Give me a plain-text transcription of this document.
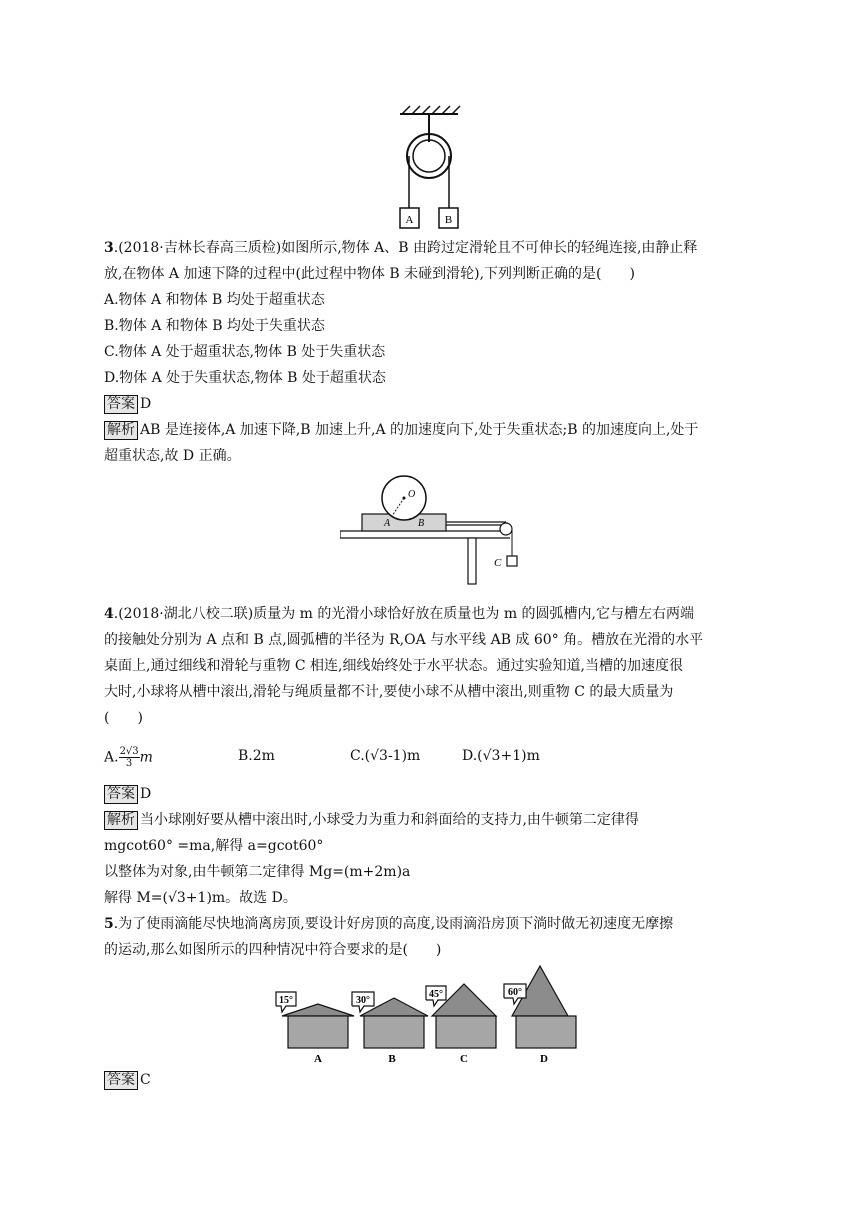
A	B
3.(2018·吉林长春高三质检)如图所示,物体 A、B 由跨过定滑轮且不可伸长的轻绳连接,由静止释
放,在物体 A 加速下降的过程中(此过程中物体 B 未碰到滑轮),下列判断正确的是(　　)
A.物体 A 和物体 B 均处于超重状态
B.物体 A 和物体 B 均处于失重状态
C.物体 A 处于超重状态,物体 B 处于失重状态
D.物体 A 处于失重状态,物体 B 处于超重状态
答案 D
解析 AB 是连接体,A 加速下降,B 加速上升,A 的加速度向下,处于失重状态;B 的加速度向上,处于
超重状态,故 D 正确。
O
A	B
C
4.(2018·湖北八校二联)质量为 m 的光滑小球恰好放在质量也为 m 的圆弧槽内,它与槽左右两端
的接触处分别为 A 点和 B 点,圆弧槽的半径为 R,OA 与水平线 AB 成 60° 角。槽放在光滑的水平
桌面上,通过细线和滑轮与重物 C 相连,细线始终处于水平状态。通过实验知道,当槽的加速度很
大时,小球将从槽中滚出,滑轮与绳质量都不计,要使小球不从槽中滚出,则重物 C 的最大质量为
(　　)
A. $\frac{2√3}{3}$ m	B.2m	C.(√3-1)m	D.(√3+1)m
答案 D
解析 当小球刚好要从槽中滚出时,小球受力为重力和斜面给的支持力,由牛顿第二定律得
mgcot60° =ma,解得 a=gcot60°
以整体为对象,由牛顿第二定律得 Mg=(m+2m)a
解得 M=(√3+1)m。故选 D。
5.为了使雨滴能尽快地淌离房顶,要设计好房顶的高度,设雨滴沿房顶下淌时做无初速度无摩擦
的运动,那么如图所示的四种情况中符合要求的是(　　)
15°
A
30°
B
45°
C
60°
D
答案 C
